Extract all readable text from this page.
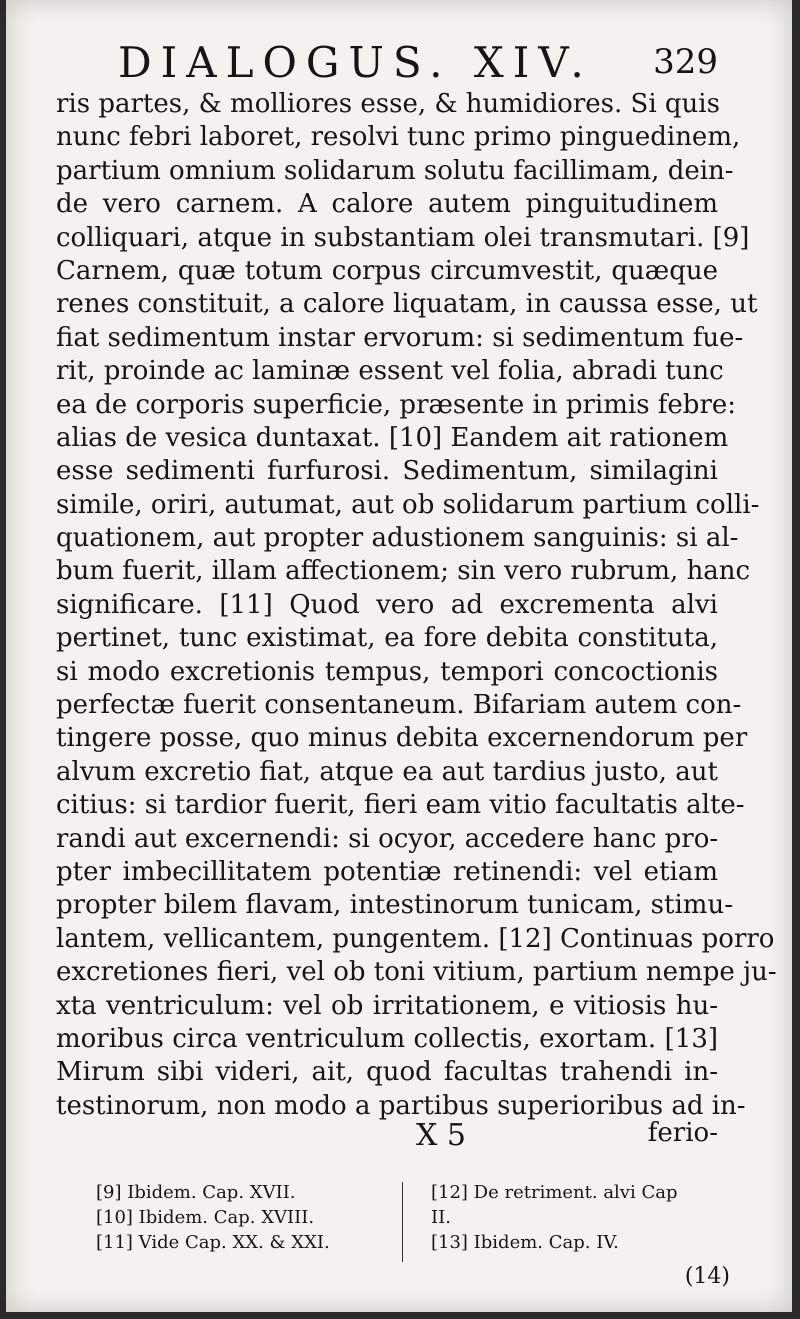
DIALOGUS. XIV. 329
ris partes, & molliores esse, & humidiores. Si quis
nunc febri laboret, resolvi tunc primo pinguedinem,
partium omnium solidarum solutu facillimam, dein-
de vero carnem. A calore autem pinguitudinem
colliquari, atque in substantiam olei transmutari. [9]
Carnem, quæ totum corpus circumvestit, quæque
renes constituit, a calore liquatam, in caussa esse, ut
fiat sedimentum instar ervorum: si sedimentum fue-
rit, proinde ac laminæ essent vel folia, abradi tunc
ea de corporis superficie, præsente in primis febre:
alias de vesica duntaxat. [10] Eandem ait rationem
esse sedimenti furfurosi. Sedimentum, similagini
simile, oriri, autumat, aut ob solidarum partium colli-
quationem, aut propter adustionem sanguinis: si al-
bum fuerit, illam affectionem; sin vero rubrum, hanc
significare. [11] Quod vero ad excrementa alvi
pertinet, tunc existimat, ea fore debita constituta,
si modo excretionis tempus, tempori concoctionis
perfectæ fuerit consentaneum. Bifariam autem con-
tingere posse, quo minus debita excernendorum per
alvum excretio fiat, atque ea aut tardius justo, aut
citius: si tardior fuerit, fieri eam vitio facultatis alte-
randi aut excernendi: si ocyor, accedere hanc pro-
pter imbecillitatem potentiæ retinendi: vel etiam
propter bilem flavam, intestinorum tunicam, stimu-
lantem, vellicantem, pungentem. [12] Continuas porro
excretiones fieri, vel ob toni vitium, partium nempe ju-
xta ventriculum: vel ob irritationem, e vitiosis hu-
moribus circa ventriculum collectis, exortam. [13]
Mirum sibi videri, ait, quod facultas trahendi in-
testinorum, non modo a partibus superioribus ad in-
X 5	ferio-
[9] Ibidem. Cap. XVII.
[10] Ibidem. Cap. XVIII.
[11] Vide Cap. XX. & XXI.
[12] De retriment. alvi Cap
II.
[13] Ibidem. Cap. IV.
(14)
